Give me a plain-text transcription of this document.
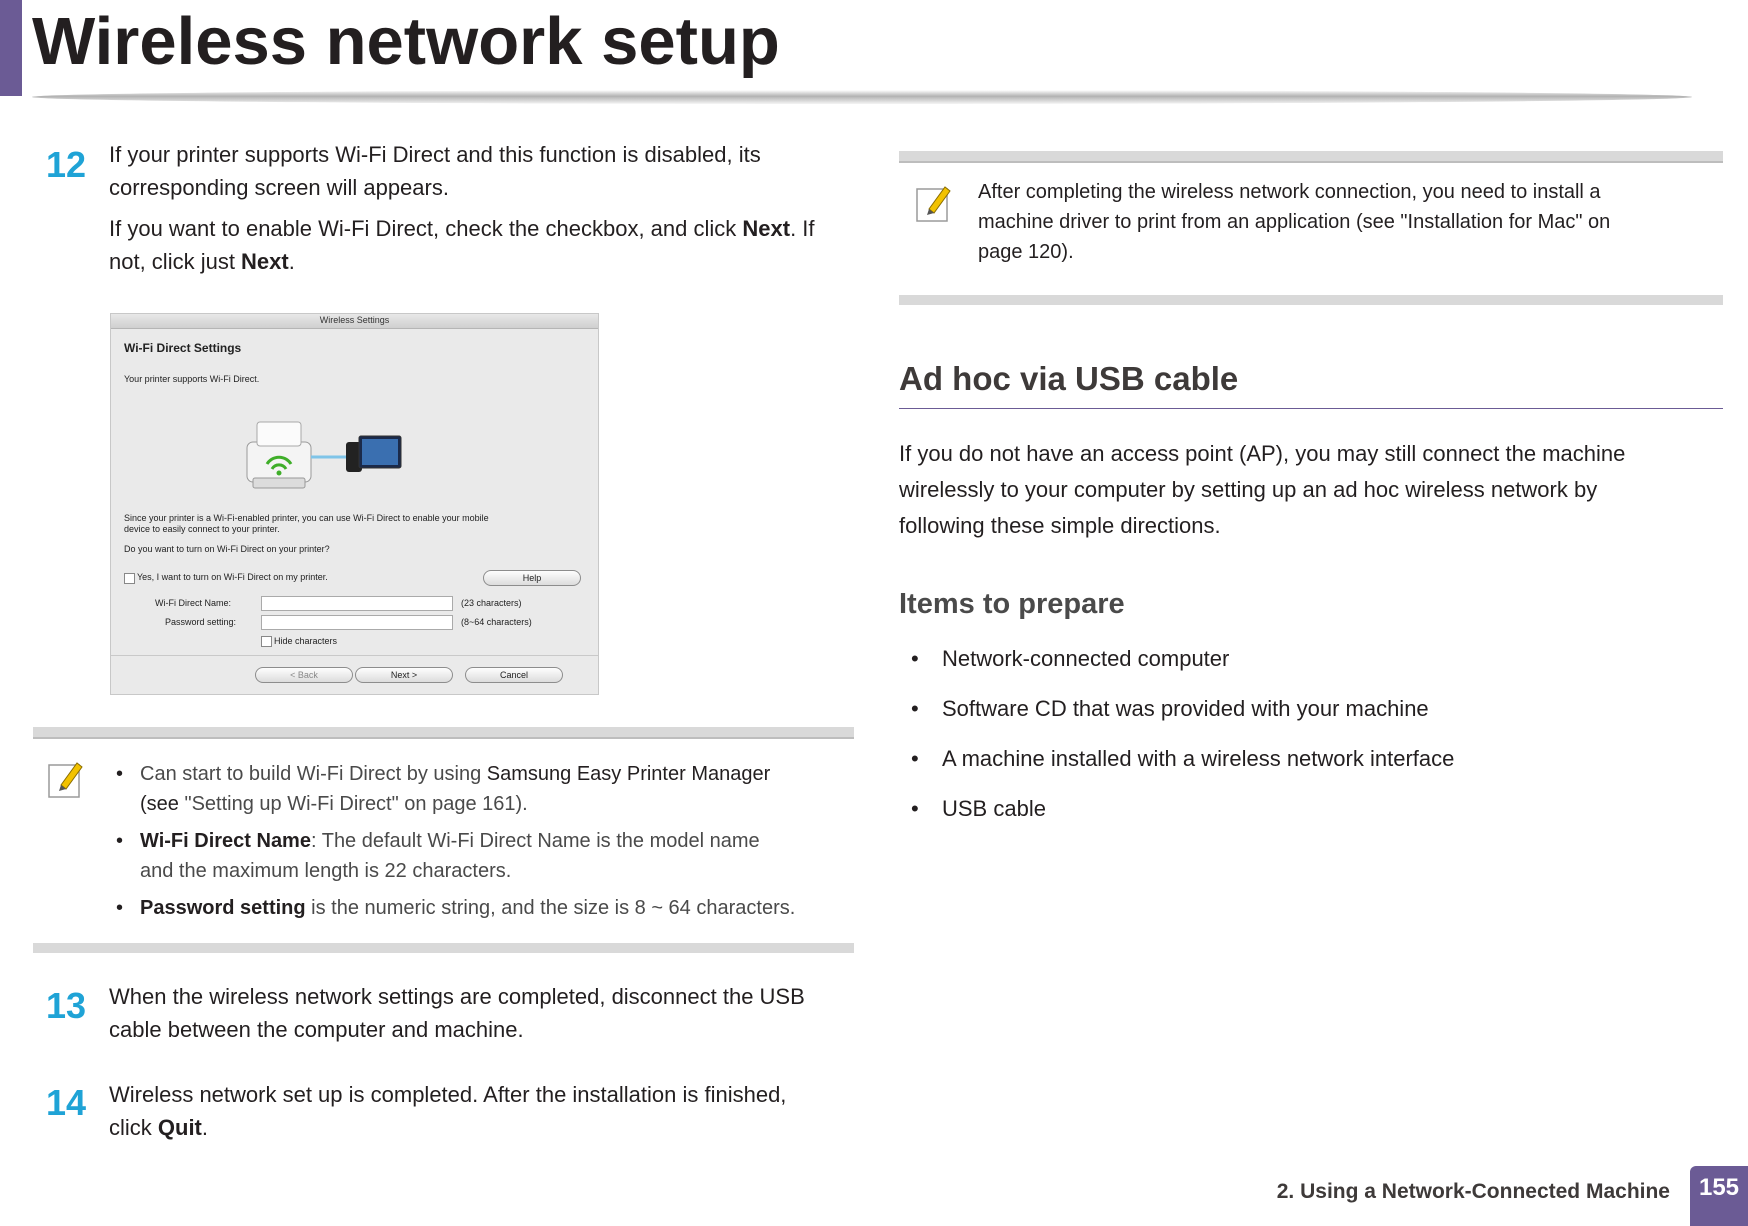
Wireless network setup
12 If your printer supports Wi-Fi Direct and this function is disabled, its
corresponding screen will appears.
If you want to enable Wi-Fi Direct, check the checkbox, and click Next. If
not, click just Next.
Wireless Settings
Wi-Fi Direct Settings
Your printer supports Wi-Fi Direct.
Since your printer is a Wi-Fi-enabled printer, you can use Wi-Fi Direct to enable your mobile
device to easily connect to your printer.
Do you want to turn on Wi-Fi Direct on your printer?
Yes, I want to turn on Wi-Fi Direct on my printer.	Help
Wi-Fi Direct Name:	(23 characters)
Password setting:	(8~64 characters)
Hide characters
< Back	Next >	Cancel
• Can start to build Wi-Fi Direct by using Samsung Easy Printer Manager
(see "Setting up Wi-Fi Direct" on page 161).
• Wi-Fi Direct Name: The default Wi-Fi Direct Name is the model name
and the maximum length is 22 characters.
• Password setting is the numeric string, and the size is 8 ~ 64 characters.
13 When the wireless network settings are completed, disconnect the USB
cable between the computer and machine.
14 Wireless network set up is completed. After the installation is finished,
click Quit.
After completing the wireless network connection, you need to install a
machine driver to print from an application (see "Installation for Mac" on
page 120).
Ad hoc via USB cable
If you do not have an access point (AP), you may still connect the machine
wirelessly to your computer by setting up an ad hoc wireless network by
following these simple directions.
Items to prepare
• Network-connected computer
• Software CD that was provided with your machine
• A machine installed with a wireless network interface
• USB cable
2. Using a Network-Connected Machine	155
